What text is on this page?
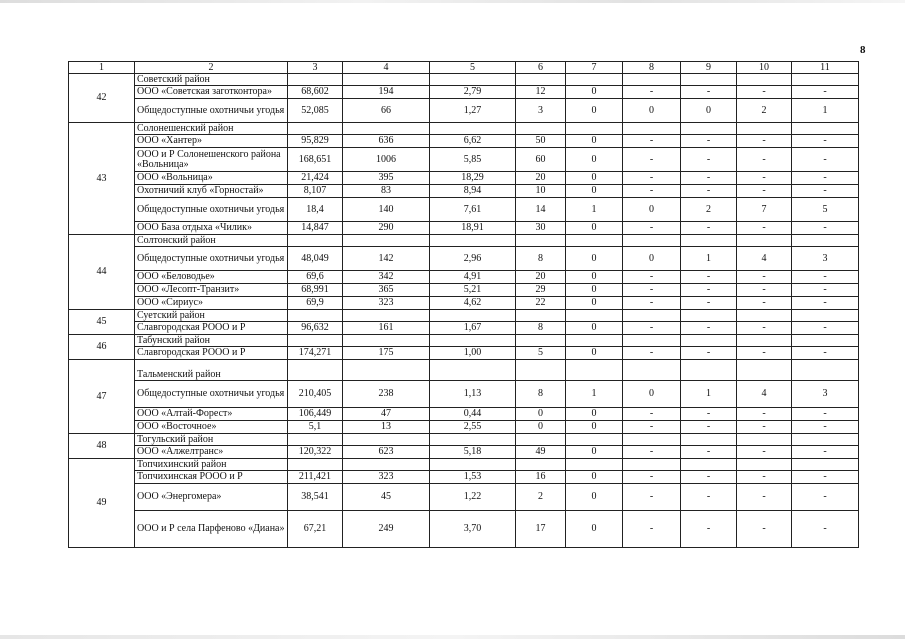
8
1	2	3	4	5	6	7	8	9	10	11
42	Советский район									
	ООО «Советская заготконтора»	68,602	194	2,79	12	0	-	-	-	-
	Общедоступные охотничьи угодья	52,085	66	1,27	3	0	0	0	2	1
43	Солонешенский район									
	ООО «Хантер»	95,829	636	6,62	50	0	-	-	-	-
	ООО и Р Солонешенского района «Вольница»	168,651	1006	5,85	60	0	-	-	-	-
	ООО «Вольница»	21,424	395	18,29	20	0	-	-	-	-
	Охотничий клуб «Горностай»	8,107	83	8,94	10	0	-	-	-	-
	Общедоступные охотничьи угодья	18,4	140	7,61	14	1	0	2	7	5
	ООО База отдыха «Чилик»	14,847	290	18,91	30	0	-	-	-	-
44	Солтонский район									
	Общедоступные охотничьи угодья	48,049	142	2,96	8	0	0	1	4	3
	ООО «Беловодье»	69,6	342	4,91	20	0	-	-	-	-
	ООО «Лесопт-Транзит»	68,991	365	5,21	29	0	-	-	-	-
	ООО «Сириус»	69,9	323	4,62	22	0	-	-	-	-
45	Суетский район									
	Славгородская РООО и Р	96,632	161	1,67	8	0	-	-	-	-
46	Табунский район									
	Славгородская РООО и Р	174,271	175	1,00	5	0	-	-	-	-
47	Тальменский район									
	Общедоступные охотничьи угодья	210,405	238	1,13	8	1	0	1	4	3
	ООО «Алтай-Форест»	106,449	47	0,44	0	0	-	-	-	-
	ООО «Восточное»	5,1	13	2,55	0	0	-	-	-	-
48	Тогульский район									
	ООО «Алжелтранс»	120,322	623	5,18	49	0	-	-	-	-
49	Топчихинский район									
	Топчихинская РООО и Р	211,421	323	1,53	16	0	-	-	-	-
	ООО «Энергомера»	38,541	45	1,22	2	0	-	-	-	-
	ООО и Р села Парфеново «Диана»	67,21	249	3,70	17	0	-	-	-	-
